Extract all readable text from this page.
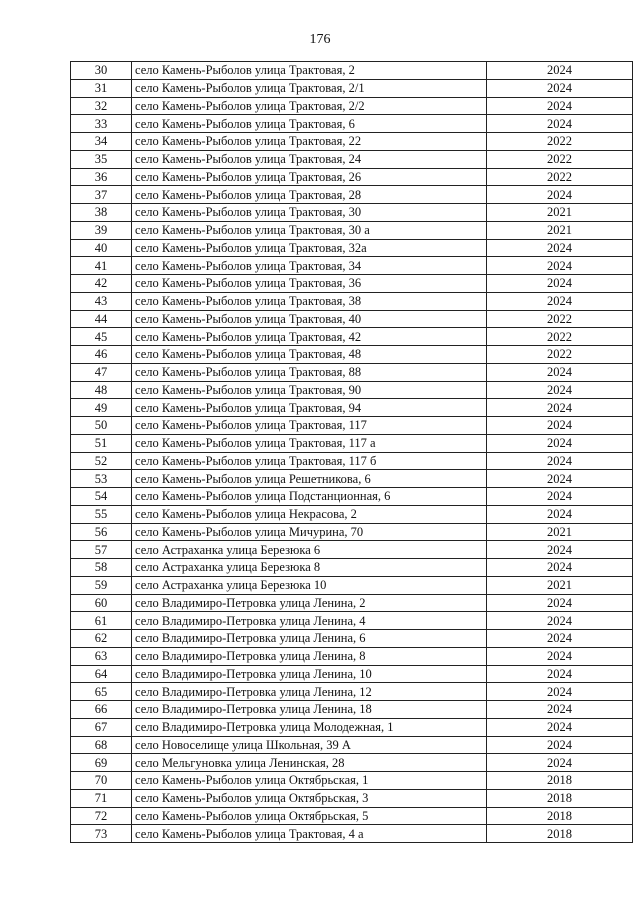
176
30	село Камень-Рыболов улица Трактовая, 2	2024
31	село Камень-Рыболов улица Трактовая, 2/1	2024
32	село Камень-Рыболов улица Трактовая, 2/2	2024
33	село Камень-Рыболов улица Трактовая, 6	2024
34	село Камень-Рыболов улица Трактовая, 22	2022
35	село Камень-Рыболов улица Трактовая, 24	2022
36	село Камень-Рыболов улица Трактовая, 26	2022
37	село Камень-Рыболов улица Трактовая, 28	2024
38	село Камень-Рыболов улица Трактовая, 30	2021
39	село Камень-Рыболов улица Трактовая, 30 а	2021
40	село Камень-Рыболов улица Трактовая, 32а	2024
41	село Камень-Рыболов улица Трактовая, 34	2024
42	село Камень-Рыболов улица Трактовая, 36	2024
43	село Камень-Рыболов улица Трактовая, 38	2024
44	село Камень-Рыболов улица Трактовая, 40	2022
45	село Камень-Рыболов улица Трактовая, 42	2022
46	село Камень-Рыболов улица Трактовая, 48	2022
47	село Камень-Рыболов улица Трактовая, 88	2024
48	село Камень-Рыболов улица Трактовая, 90	2024
49	село Камень-Рыболов улица Трактовая, 94	2024
50	село Камень-Рыболов улица Трактовая, 117	2024
51	село Камень-Рыболов улица Трактовая, 117 а	2024
52	село Камень-Рыболов улица Трактовая, 117 б	2024
53	село Камень-Рыболов улица Решетникова, 6	2024
54	село Камень-Рыболов улица Подстанционная, 6	2024
55	село Камень-Рыболов улица Некрасова, 2	2024
56	село Камень-Рыболов улица Мичурина, 70	2021
57	село Астраханка улица Березюка 6	2024
58	село Астраханка улица Березюка 8	2024
59	село Астраханка улица Березюка 10	2021
60	село Владимиро-Петровка улица Ленина, 2	2024
61	село Владимиро-Петровка улица Ленина, 4	2024
62	село Владимиро-Петровка улица Ленина, 6	2024
63	село Владимиро-Петровка улица Ленина, 8	2024
64	село Владимиро-Петровка улица Ленина, 10	2024
65	село Владимиро-Петровка улица Ленина, 12	2024
66	село Владимиро-Петровка улица Ленина, 18	2024
67	село Владимиро-Петровка улица Молодежная, 1	2024
68	село Новоселище улица Школьная, 39 А	2024
69	село Мельгуновка улица Ленинская, 28	2024
70	село Камень-Рыболов улица Октябрьская, 1	2018
71	село Камень-Рыболов улица Октябрьская, 3	2018
72	село Камень-Рыболов улица Октябрьская, 5	2018
73	село Камень-Рыболов улица Трактовая, 4 а	2018
